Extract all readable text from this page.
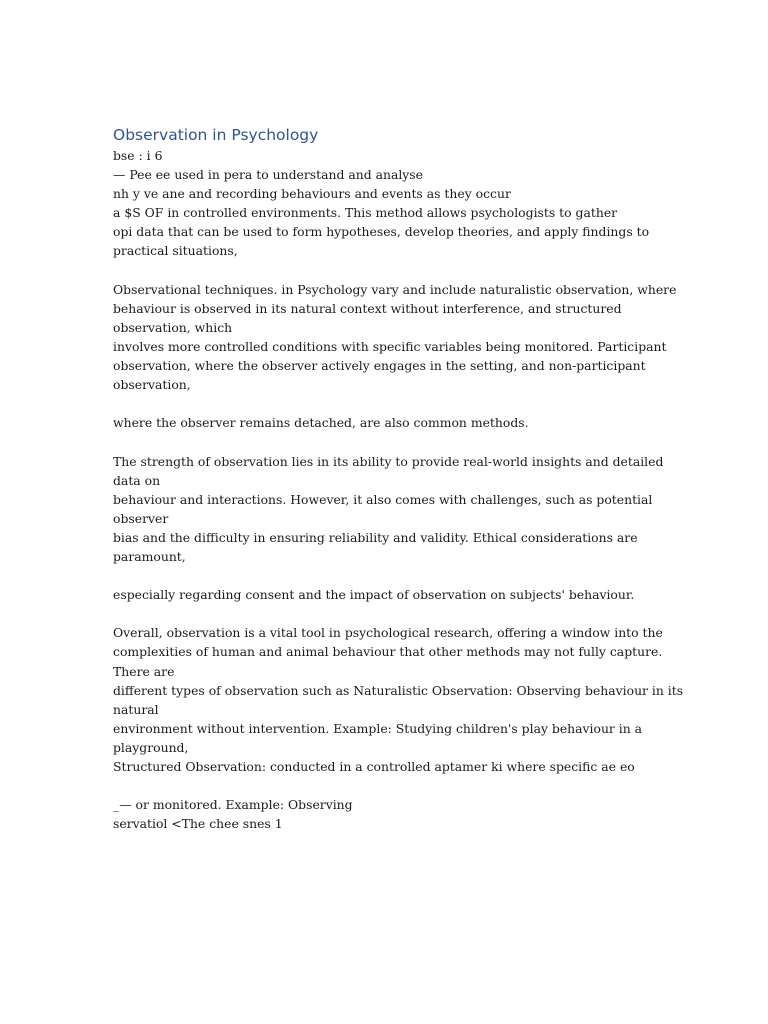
Observation in Psychology
bse : i 6
— Pee ee used in pera to understand and analyse
nh y ve ane and recording behaviours and events as they occur
a $S OF in controlled environments. This method allows psychologists to gather
opi data that can be used to form hypotheses, develop theories, and apply findings to
practical situations,
Observational techniques. in Psychology vary and include naturalistic observation, where
behaviour is observed in its natural context without interference, and structured
observation, which
involves more controlled conditions with specific variables being monitored. Participant
observation, where the observer actively engages in the setting, and non-participant
observation,
where the observer remains detached, are also common methods.
The strength of observation lies in its ability to provide real-world insights and detailed
data on
behaviour and interactions. However, it also comes with challenges, such as potential
observer
bias and the difficulty in ensuring reliability and validity. Ethical considerations are
paramount,
especially regarding consent and the impact of observation on subjects' behaviour.
Overall, observation is a vital tool in psychological research, offering a window into the
complexities of human and animal behaviour that other methods may not fully capture.
There are
different types of observation such as Naturalistic Observation: Observing behaviour in its
natural
environment without intervention. Example: Studying children's play behaviour in a
playground,
Structured Observation: conducted in a controlled aptamer ki where specific ae eo
_— or monitored. Example: Observing
servatiol <The chee snes 1
